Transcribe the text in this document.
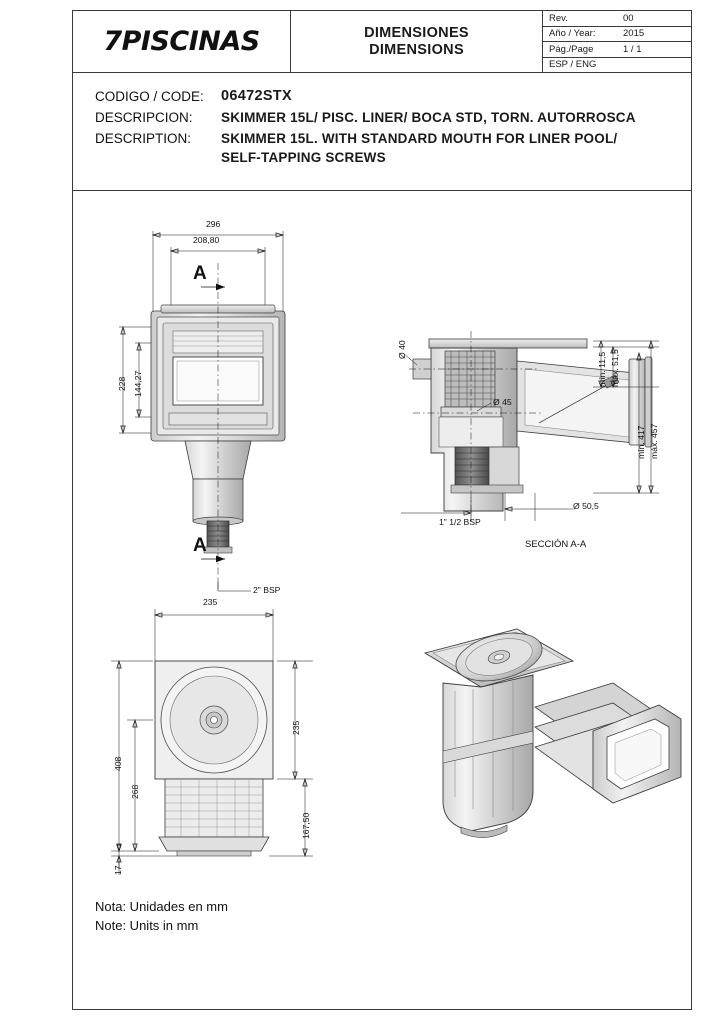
7PISCINAS	DIMENSIONES
DIMENSIONS
Rev.	00
Año / Year:	2015
Pág./Page	1 / 1
ESP / ENG
CODIGO / CODE:	06472STX
DESCRIPCION:	SKIMMER 15L/ PISC. LINER/ BOCA STD, TORN. AUTORROSCA
DESCRIPTION:	SKIMMER 15L. WITH STANDARD MOUTH FOR LINER POOL/
SELF-TAPPING SCREWS
296
208,80
228 144,27
2" BSP
A
A
Ø 40
Ø 45
Ø 50,5
1" 1/2 BSP
mín. 11,5 máx. 51,5
mín. 417 máx. 457
SECCIÓN A-A
235
235
167,50
408
268
17
Nota: Unidades en mm
Note: Units in mm
